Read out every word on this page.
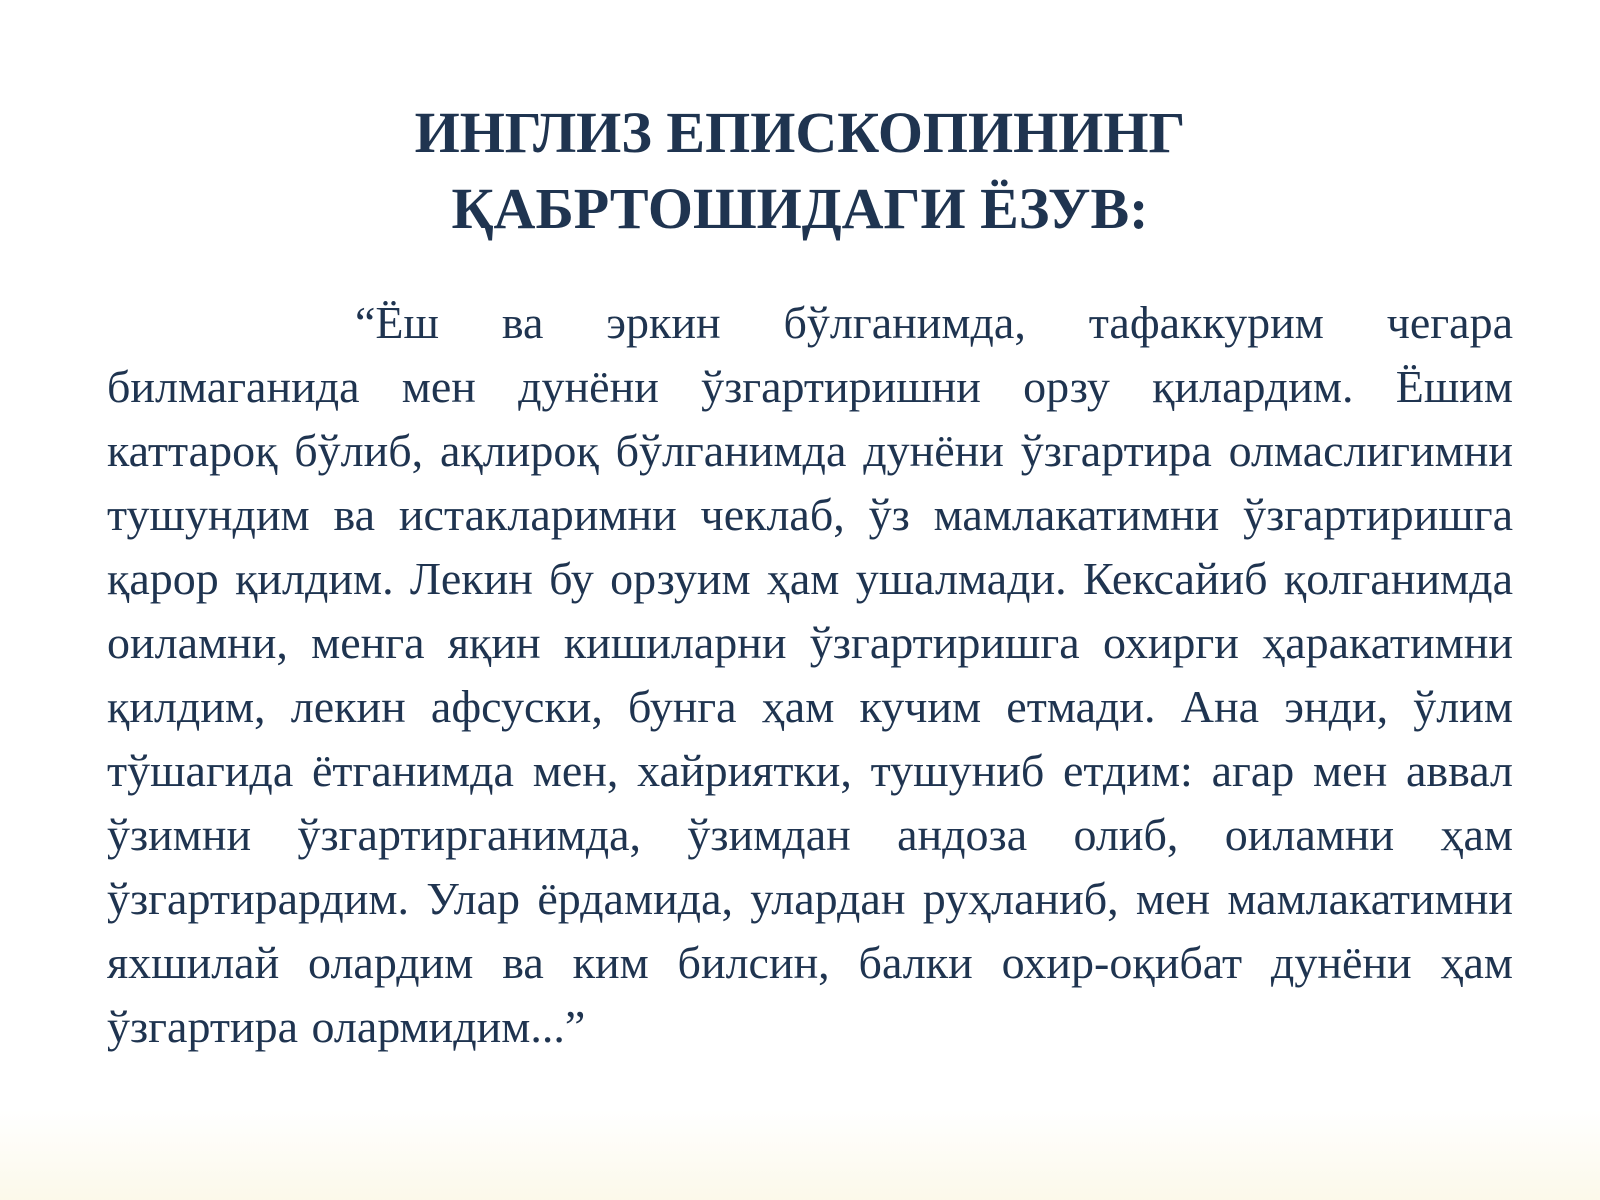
ИНГЛИЗ ЕПИСКОПИНИНГ
ҚАБРТОШИДАГИ ЁЗУВ:

“Ёш ва эркин бўлганимда, тафаккурим чегара билмаганида мен дунёни ўзгартиришни орзу қилардим. Ёшим каттароқ бўлиб, ақлироқ бўлганимда дунёни ўзгартира олмаслигимни тушундим ва истакларимни чеклаб, ўз мамлакатимни ўзгартиришга қарор қилдим. Лекин бу орзуим ҳам ушалмади. Кексайиб қолганимда оиламни, менга яқин кишиларни ўзгартиришга охирги ҳаракатимни қилдим, лекин афсуски, бунга ҳам кучим етмади. Ана энди, ўлим тўшагида ётганимда мен, хайриятки, тушуниб етдим: агар мен аввал ўзимни ўзгартирганимда, ўзимдан андоза олиб, оиламни ҳам ўзгартирардим. Улар ёрдамида, улардан руҳланиб, мен мамлакатимни яхшилай олардим ва ким билсин, балки охир-оқибат дунёни ҳам ўзгартира олармидим...”
